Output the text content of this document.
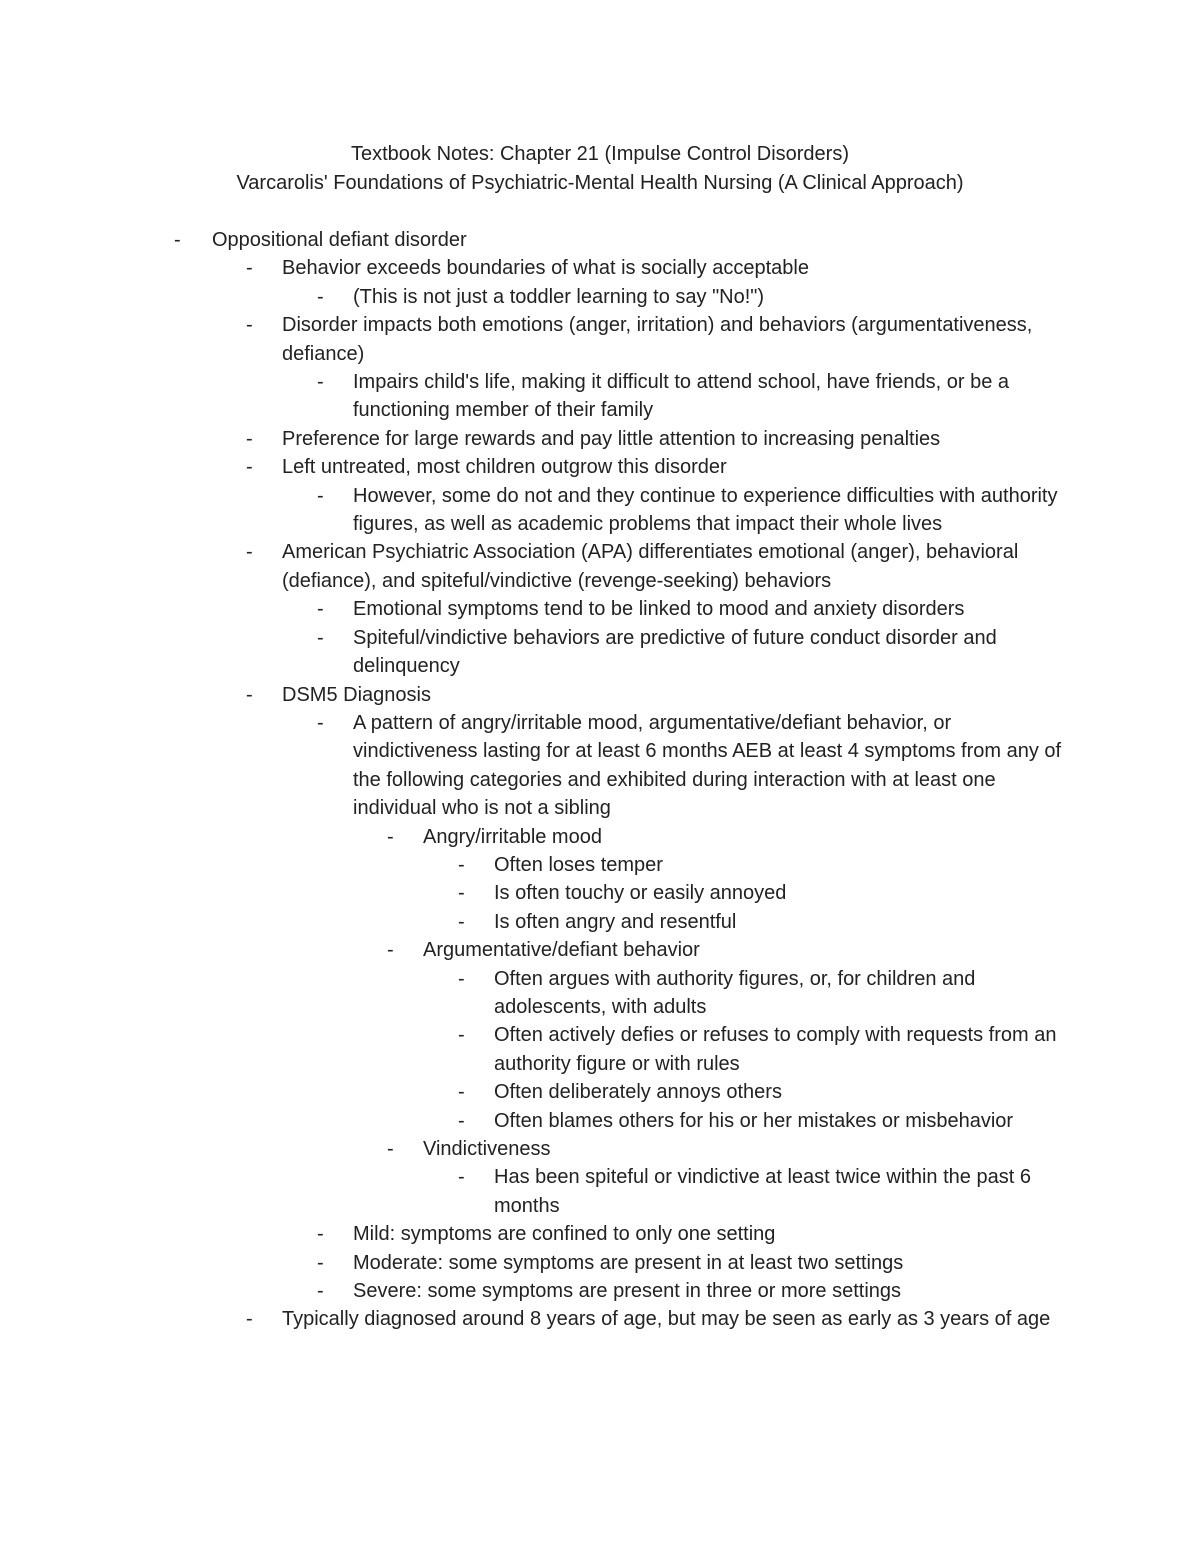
Textbook Notes: Chapter 21 (Impulse Control Disorders)
Varcarolis' Foundations of Psychiatric-Mental Health Nursing (A Clinical Approach)
- Oppositional defiant disorder
- Behavior exceeds boundaries of what is socially acceptable
- (This is not just a toddler learning to say "No!")
- Disorder impacts both emotions (anger, irritation) and behaviors (argumentativeness, defiance)
- Impairs child's life, making it difficult to attend school, have friends, or be a functioning member of their family
- Preference for large rewards and pay little attention to increasing penalties
- Left untreated, most children outgrow this disorder
- However, some do not and they continue to experience difficulties with authority figures, as well as academic problems that impact their whole lives
- American Psychiatric Association (APA) differentiates emotional (anger), behavioral (defiance), and spiteful/vindictive (revenge-seeking) behaviors
- Emotional symptoms tend to be linked to mood and anxiety disorders
- Spiteful/vindictive behaviors are predictive of future conduct disorder and delinquency
- DSM5 Diagnosis
- A pattern of angry/irritable mood, argumentative/defiant behavior, or vindictiveness lasting for at least 6 months AEB at least 4 symptoms from any of the following categories and exhibited during interaction with at least one individual who is not a sibling
- Angry/irritable mood
- Often loses temper
- Is often touchy or easily annoyed
- Is often angry and resentful
- Argumentative/defiant behavior
- Often argues with authority figures, or, for children and adolescents, with adults
- Often actively defies or refuses to comply with requests from an authority figure or with rules
- Often deliberately annoys others
- Often blames others for his or her mistakes or misbehavior
- Vindictiveness
- Has been spiteful or vindictive at least twice within the past 6 months
- Mild: symptoms are confined to only one setting
- Moderate: some symptoms are present in at least two settings
- Severe: some symptoms are present in three or more settings
- Typically diagnosed around 8 years of age, but may be seen as early as 3 years of age
